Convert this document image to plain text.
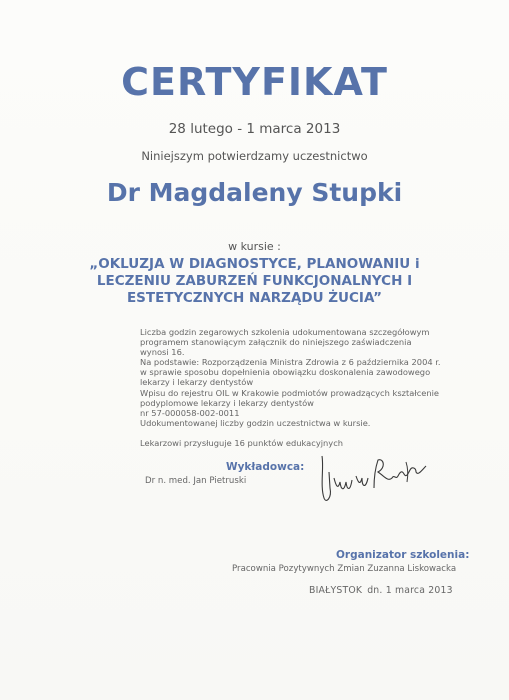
CERTYFIKAT
28 lutego - 1 marca 2013
Niniejszym potwierdzamy uczestnictwo
Dr Magdaleny Stupki
w kursie :
„OKLUZJA W DIAGNOSTYCE, PLANOWANIU i
LECZENIU ZABURZEŃ FUNKCJONALNYCH I
ESTETYCZNYCH NARZĄDU ŻUCIA”
Liczba godzin zegarowych szkolenia udokumentowana szczegółowym
programem stanowiącym załącznik do niniejszego zaświadczenia
wynosi 16.
Na podstawie: Rozporządzenia Ministra Zdrowia z 6 października 2004 r.
w sprawie sposobu dopełnienia obowiązku doskonalenia zawodowego
lekarzy i lekarzy dentystów
Wpisu do rejestru OIL w Krakowie podmiotów prowadzących kształcenie
podyplomowe lekarzy i lekarzy dentystów
nr 57-000058-002-0011
Udokumentowanej liczby godzin uczestnictwa w kursie.

Lekarzowi przysługuje 16 punktów edukacyjnych
Wykładowca:
Dr n. med. Jan Pietruski
Organizator szkolenia:
Pracownia Pozytywnych Zmian Zuzanna Liskowacka
BIAŁYSTOK dn. 1 marca 2013
